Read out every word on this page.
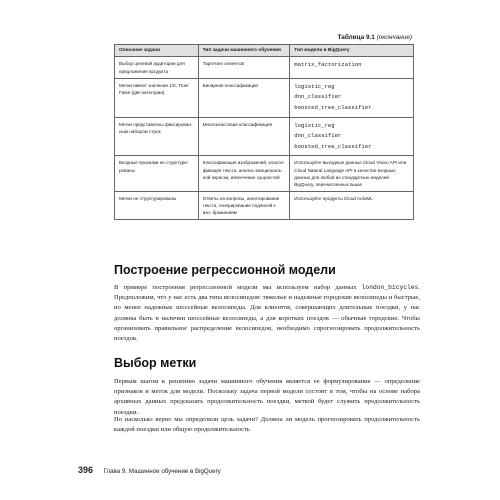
Таблица 9.1 (окончание)
Описание задачи	Тип задачи машинного обучения	Тип модели в BigQuery
Выбор целевой аудитории для предложения продукта	Таргетинг клиентов	matrix_factorization

Метки имеют значения 1/0, True/ False (две категории)	Бинарная классификация	logistic_reg
dnn_classifier
boosted_tree_classifier

Метки представлены фиксирован- ным набором строк	Многоклассовая классификация	logistic_reg
dnn_classifier
boosted_tree_classifier

Входные признаки не структури- рованы	Классификация изображений, класси- фикация текста, анализ эмоциональ- ной окраски, извлечение сущностей	Используйте выходные данные Cloud Vision API или Cloud Natural Language API в качестве входных данных для любой из стандартных моделей BigQuery, перечисленных выше
Метки не структурированы	Ответы на вопросы, аннотирование текста, генерирование подписей к изо- бражениям	Используйте продукты Cloud AutoML
Построение регрессионной модели

В примере построения регрессионной модели мы используем набор данных london_bicycles. Предположим, что у нас есть два типа велосипедов: тяжелые и надежные городские велосипеды и быстрые, но менее надежные шоссейные велосипеды. Для клиентов, совершающих длительные поездки, у нас должны быть в наличии шоссейные велосипеды, а для коротких поездок — обычные городские. Чтобы организовать правильное распределение велосипедов, необходимо спрогнозировать продолжительность поездок.

Выбор метки

Первым шагом к решению задачи машинного обучения является ее формулирование — определение признаков и меток для модели. Поскольку задача первой модели состоит в том, чтобы на основе набора архивных данных предсказать продолжительность поездки, меткой будет служить продолжительность поездки.

Но насколько верно мы определили цель задачи? Должна ли модель прогнозировать продолжительность каждой поездки или общую продолжительность

396 Глава 9. Машинное обучение в BigQuery
